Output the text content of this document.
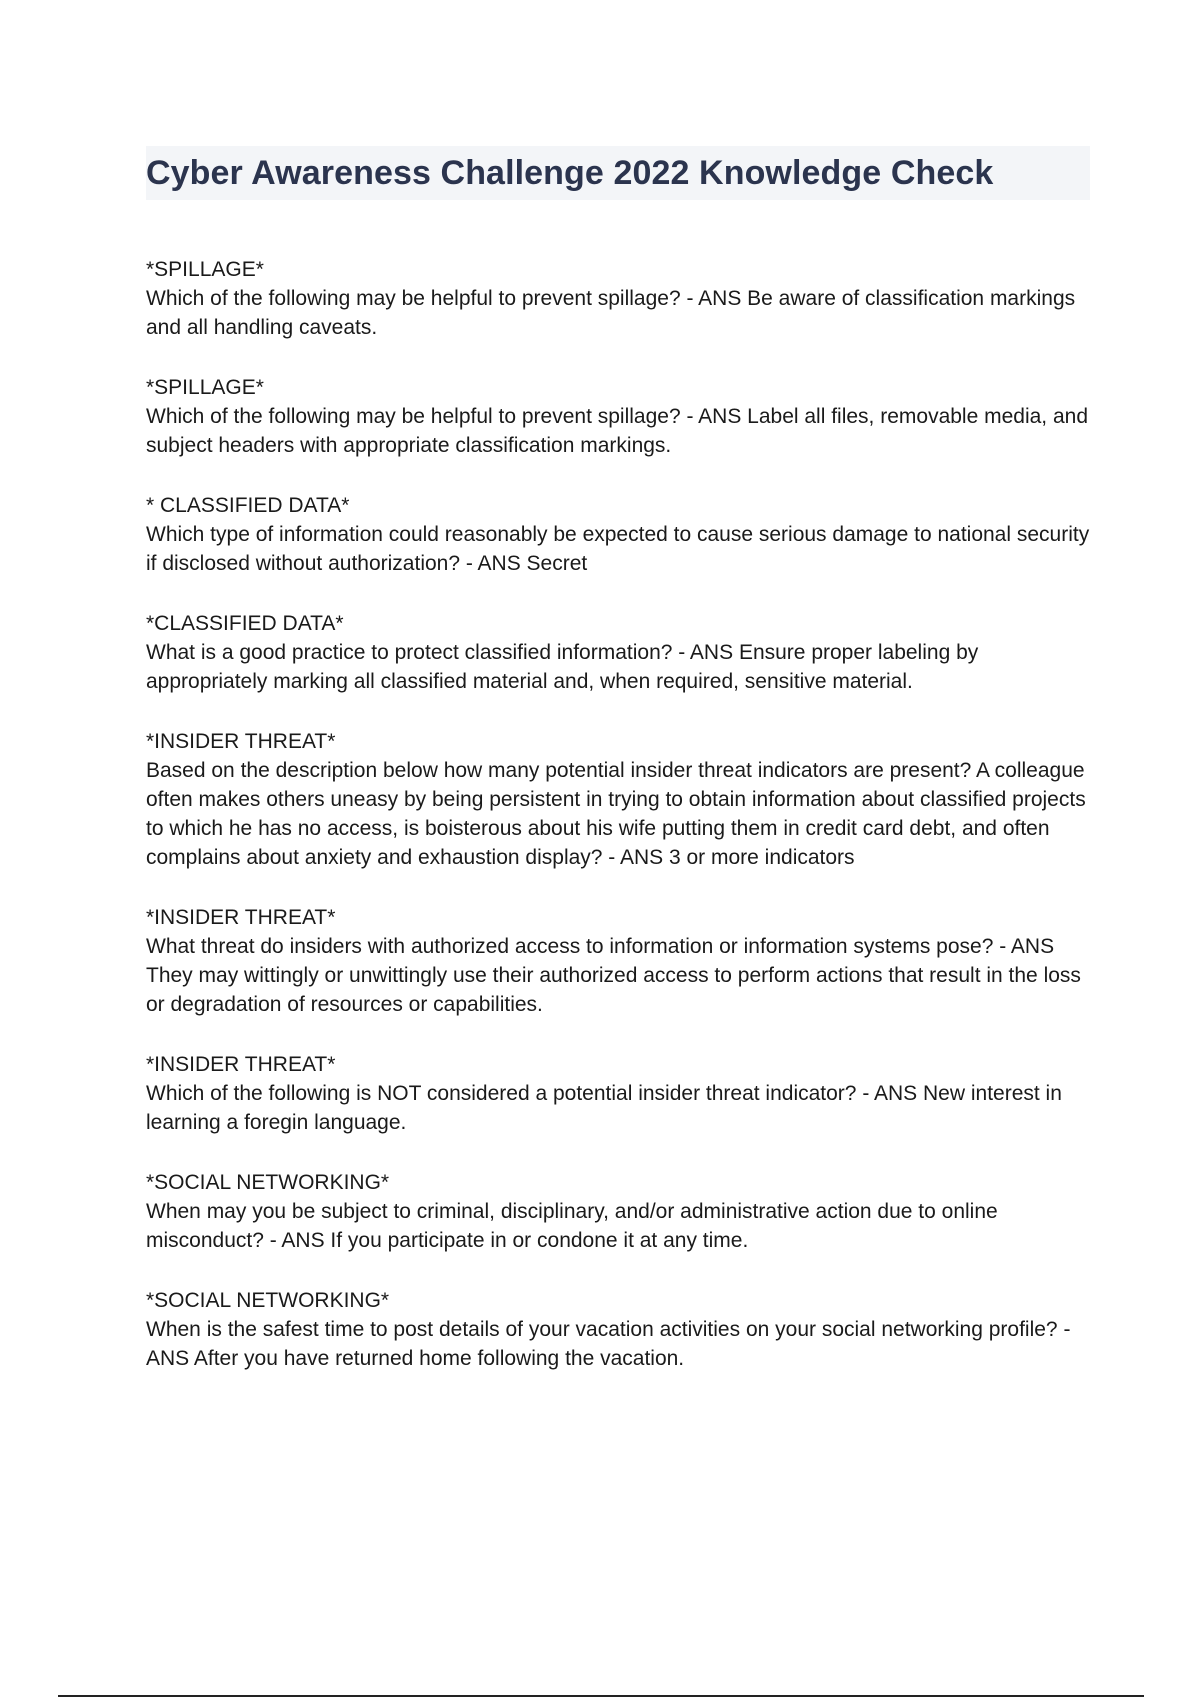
Cyber Awareness Challenge 2022 Knowledge Check

*SPILLAGE*

Which of the following may be helpful to prevent spillage? - ANS Be aware of classification markings and all handling caveats.

*SPILLAGE*

Which of the following may be helpful to prevent spillage? - ANS Label all files, removable media, and subject headers with appropriate classification markings.

* CLASSIFIED DATA*

Which type of information could reasonably be expected to cause serious damage to national security if disclosed without authorization? - ANS Secret

*CLASSIFIED DATA*

What is a good practice to protect classified information? - ANS Ensure proper labeling by appropriately marking all classified material and, when required, sensitive material.

*INSIDER THREAT*

Based on the description below how many potential insider threat indicators are present? A colleague often makes others uneasy by being persistent in trying to obtain information about classified projects to which he has no access, is boisterous about his wife putting them in credit card debt, and often complains about anxiety and exhaustion display? - ANS 3 or more indicators

*INSIDER THREAT*

What threat do insiders with authorized access to information or information systems pose? - ANS They may wittingly or unwittingly use their authorized access to perform actions that result in the loss or degradation of resources or capabilities.

*INSIDER THREAT*

Which of the following is NOT considered a potential insider threat indicator? - ANS New interest in learning a foregin language.

*SOCIAL NETWORKING*

When may you be subject to criminal, disciplinary, and/or administrative action due to online misconduct? - ANS If you participate in or condone it at any time.

*SOCIAL NETWORKING*

When is the safest time to post details of your vacation activities on your social networking profile? - ANS After you have returned home following the vacation.
